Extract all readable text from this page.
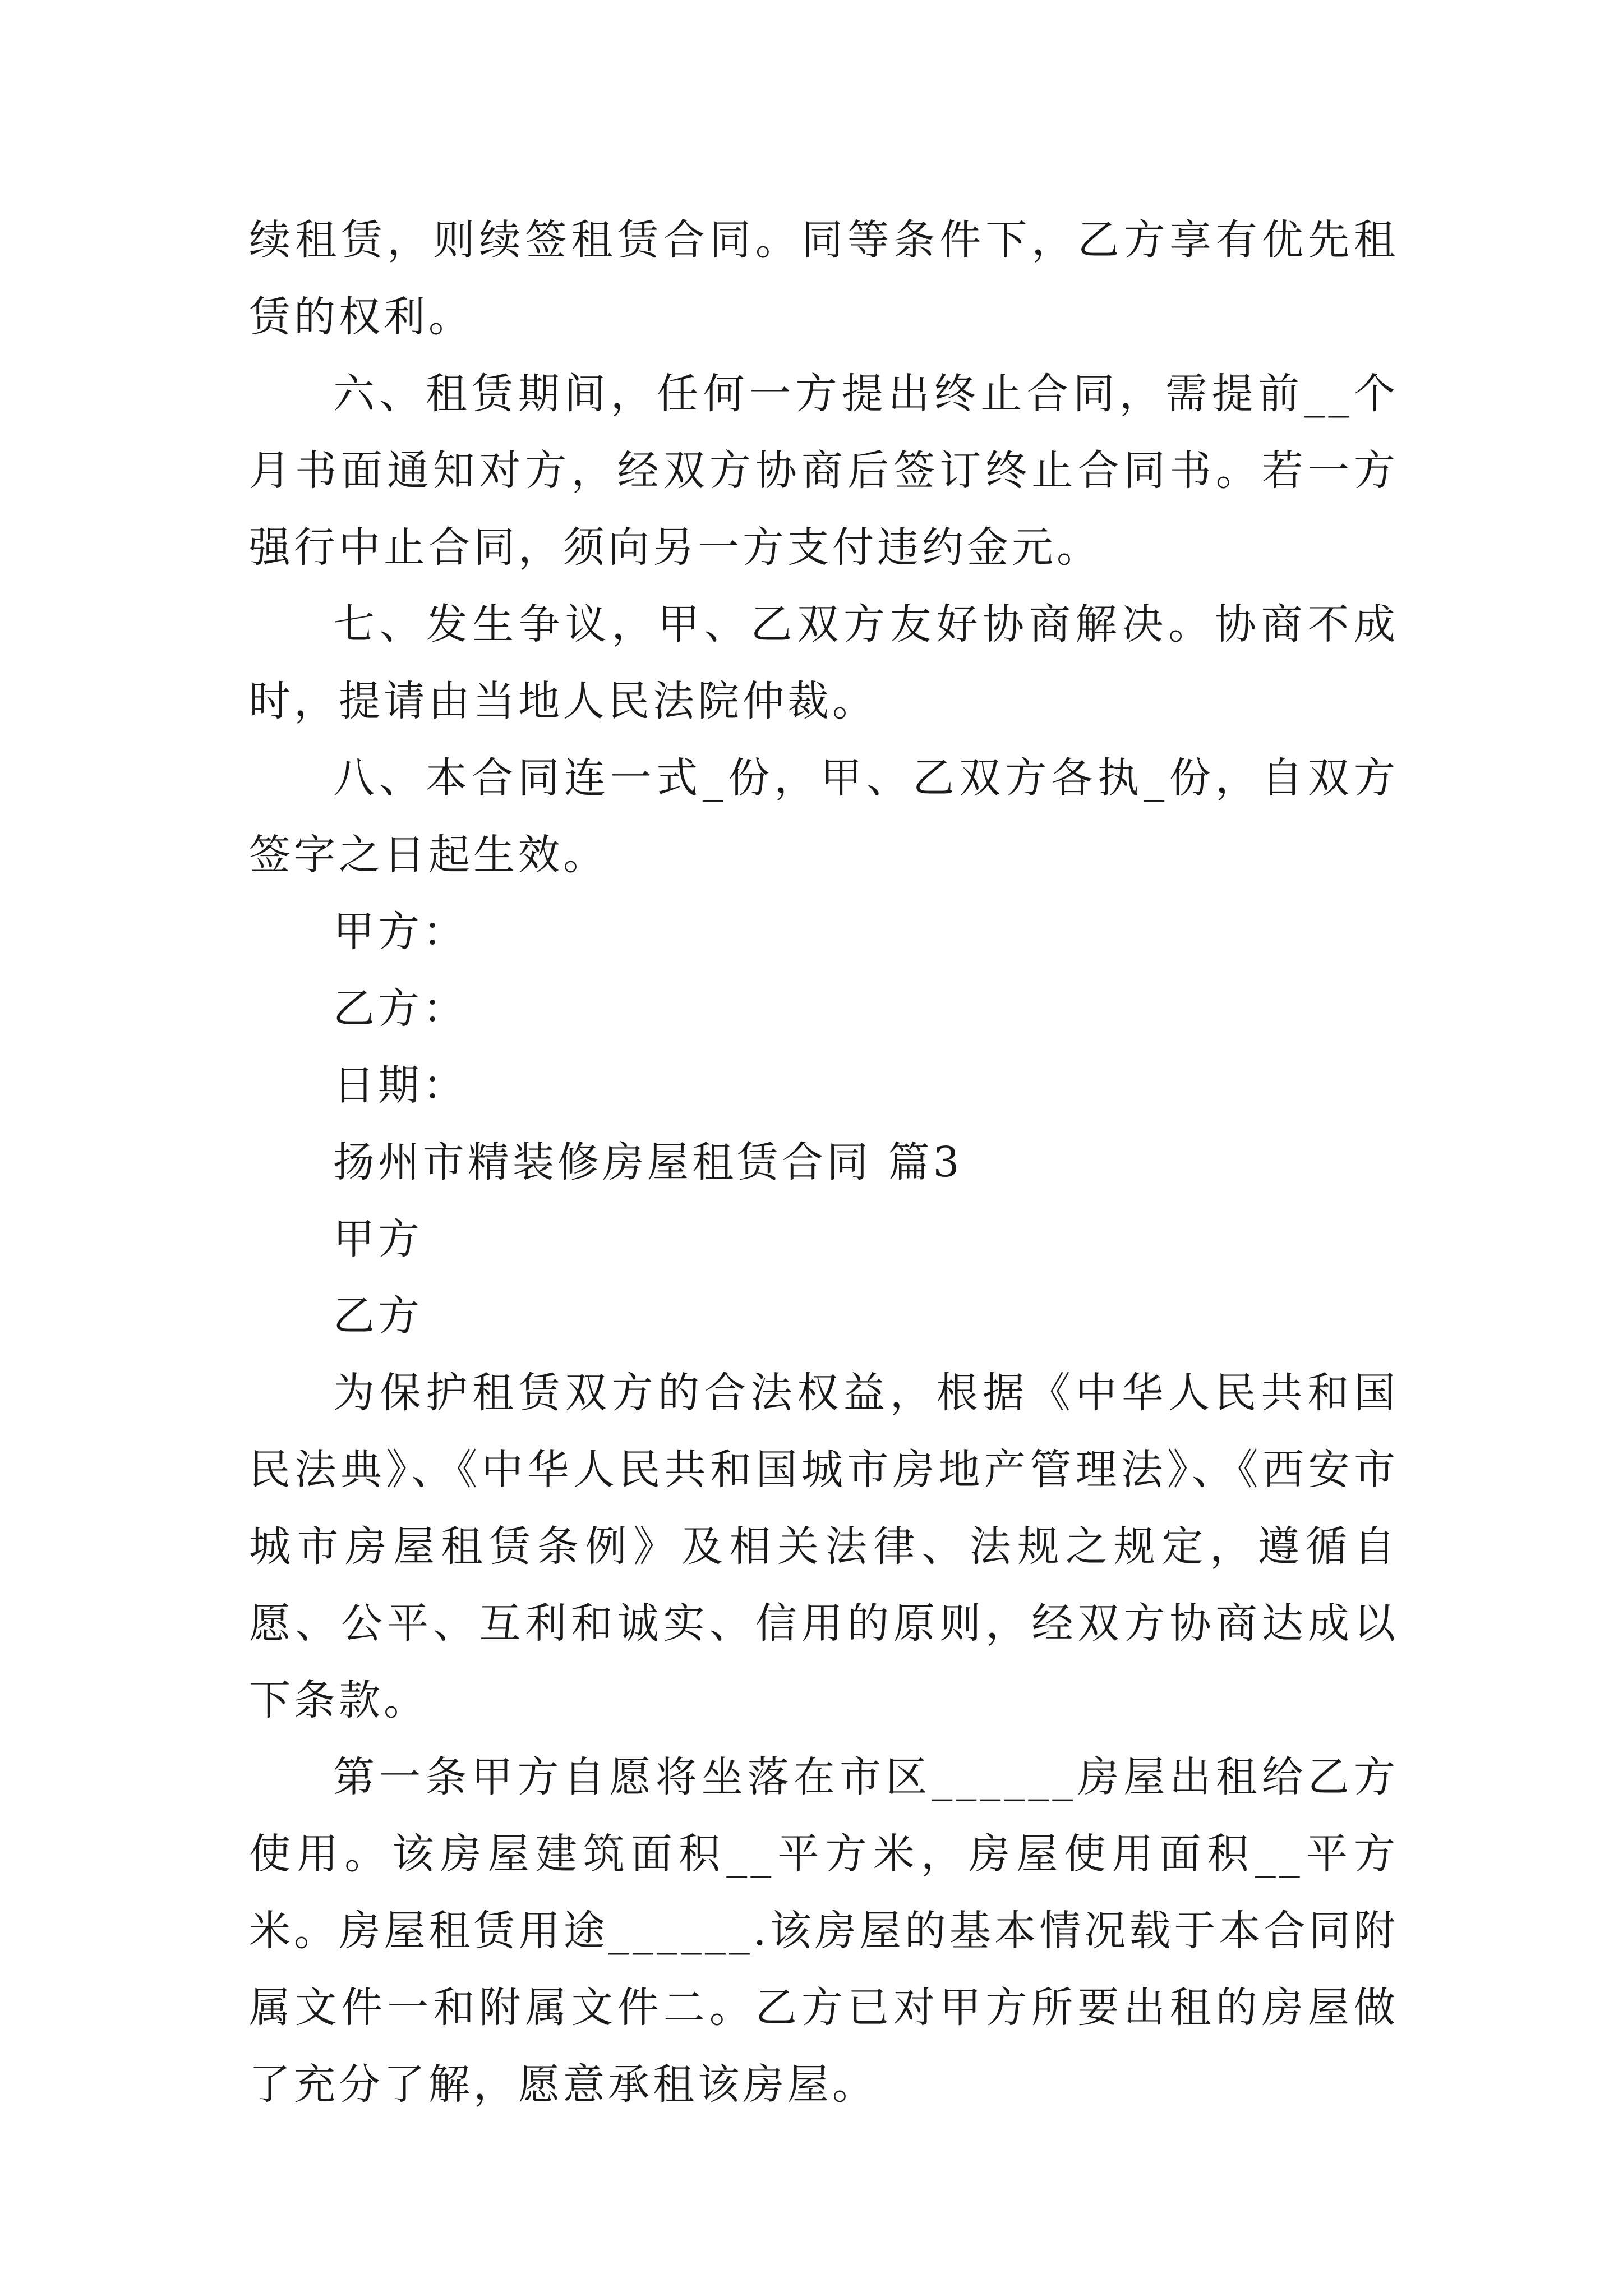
续租赁，则续签租赁合同。同等条件下，乙方享有优先租赁的权利。

六、租赁期间，任何一方提出终止合同，需提前__个月书面通知对方，经双方协商后签订终止合同书。若一方强行中止合同，须向另一方支付违约金元。

七、发生争议，甲、乙双方友好协商解决。协商不成时，提请由当地人民法院仲裁。

八、本合同连一式_份，甲、乙双方各执_份，自双方签字之日起生效。

甲方：

乙方：

日期：

扬州市精装修房屋租赁合同 篇3

甲方

乙方

为保护租赁双方的合法权益，根据《中华人民共和国民法典》、《中华人民共和国城市房地产管理法》、《西安市城市房屋租赁条例》及相关法律、法规之规定，遵循自愿、公平、互利和诚实、信用的原则，经双方协商达成以下条款。

第一条甲方自愿将坐落在市区______房屋出租给乙方使用。该房屋建筑面积__平方米，房屋使用面积__平方米。房屋租赁用途______.该房屋的基本情况载于本合同附属文件一和附属文件二。乙方已对甲方所要出租的房屋做了充分了解，愿意承租该房屋。
